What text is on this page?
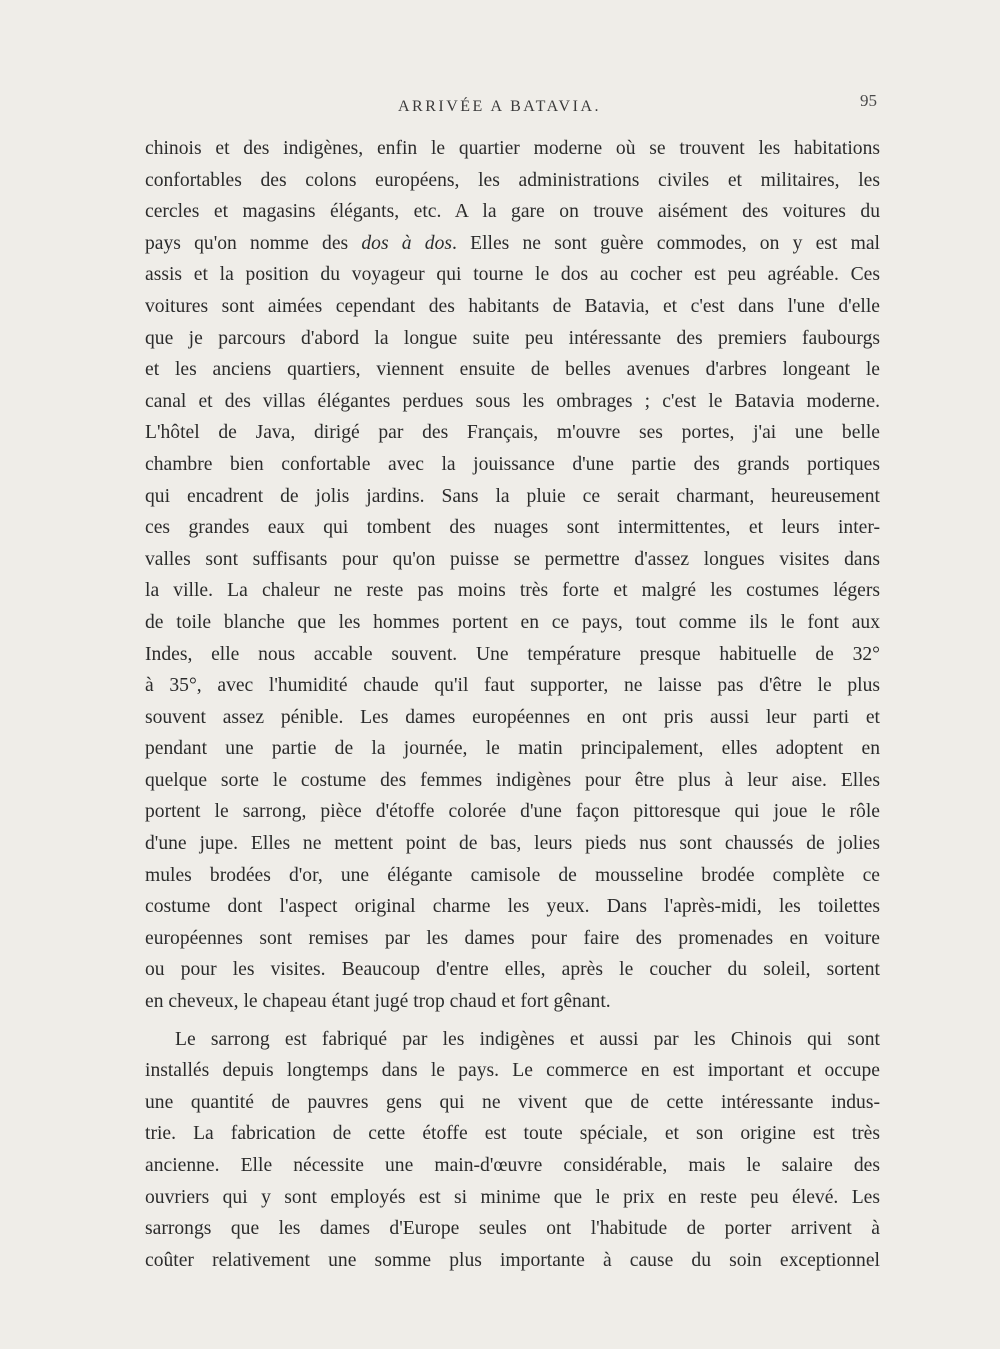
ARRIVÉE A BATAVIA.	95
chinois et des indigènes, enfin le quartier moderne où se trouvent les habitations
confortables des colons européens, les administrations civiles et militaires, les
cercles et magasins élégants, etc. A la gare on trouve aisément des voitures du
pays qu'on nomme des dos à dos. Elles ne sont guère commodes, on y est mal
assis et la position du voyageur qui tourne le dos au cocher est peu agréable. Ces
voitures sont aimées cependant des habitants de Batavia, et c'est dans l'une d'elle
que je parcours d'abord la longue suite peu intéressante des premiers faubourgs
et les anciens quartiers, viennent ensuite de belles avenues d'arbres longeant le
canal et des villas élégantes perdues sous les ombrages ; c'est le Batavia moderne.
L'hôtel de Java, dirigé par des Français, m'ouvre ses portes, j'ai une belle
chambre bien confortable avec la jouissance d'une partie des grands portiques
qui encadrent de jolis jardins. Sans la pluie ce serait charmant, heureusement
ces grandes eaux qui tombent des nuages sont intermittentes, et leurs inter-
valles sont suffisants pour qu'on puisse se permettre d'assez longues visites dans
la ville. La chaleur ne reste pas moins très forte et malgré les costumes légers
de toile blanche que les hommes portent en ce pays, tout comme ils le font aux
Indes, elle nous accable souvent. Une température presque habituelle de 32°
à 35°, avec l'humidité chaude qu'il faut supporter, ne laisse pas d'être le plus
souvent assez pénible. Les dames européennes en ont pris aussi leur parti et
pendant une partie de la journée, le matin principalement, elles adoptent en
quelque sorte le costume des femmes indigènes pour être plus à leur aise. Elles
portent le sarrong, pièce d'étoffe colorée d'une façon pittoresque qui joue le rôle
d'une jupe. Elles ne mettent point de bas, leurs pieds nus sont chaussés de jolies
mules brodées d'or, une élégante camisole de mousseline brodée complète ce
costume dont l'aspect original charme les yeux. Dans l'après-midi, les toilettes
européennes sont remises par les dames pour faire des promenades en voiture
ou pour les visites. Beaucoup d'entre elles, après le coucher du soleil, sortent
en cheveux, le chapeau étant jugé trop chaud et fort gênant.
Le sarrong est fabriqué par les indigènes et aussi par les Chinois qui sont
installés depuis longtemps dans le pays. Le commerce en est important et occupe
une quantité de pauvres gens qui ne vivent que de cette intéressante indus-
trie. La fabrication de cette étoffe est toute spéciale, et son origine est très
ancienne. Elle nécessite une main-d'œuvre considérable, mais le salaire des
ouvriers qui y sont employés est si minime que le prix en reste peu élevé. Les
sarrongs que les dames d'Europe seules ont l'habitude de porter arrivent à
coûter relativement une somme plus importante à cause du soin exceptionnel
